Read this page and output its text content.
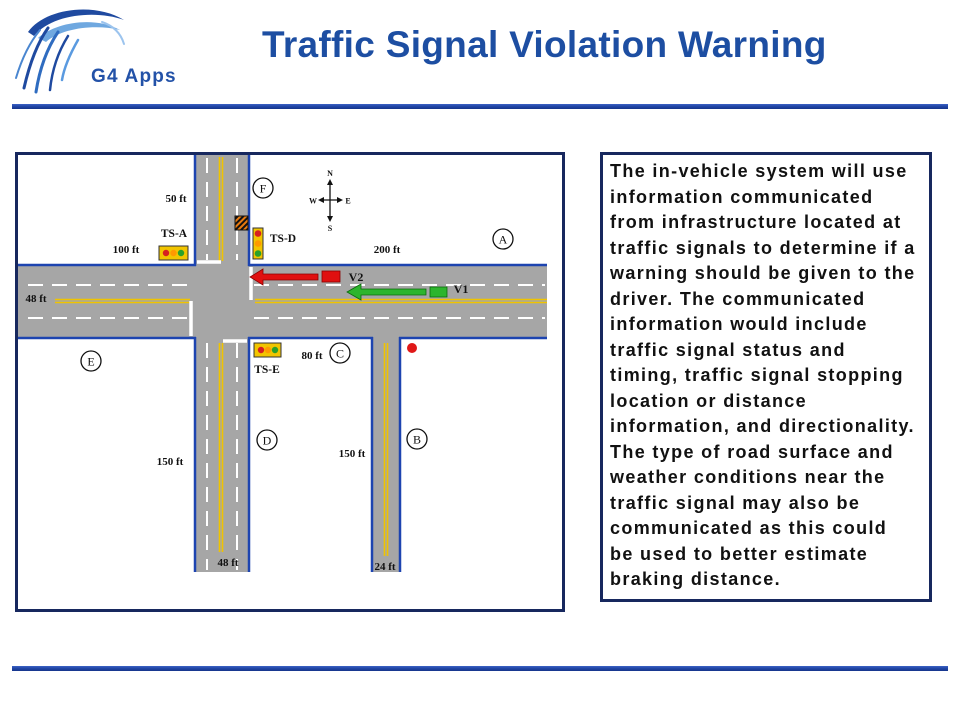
G4 Apps
Traffic Signal Violation Warning
N
S
W	E
TS-A	TS-D
TS-E
V2
V1
50 ft
100 ft	200 ft
48 ft
80 ft
150 ft
150 ft
48 ft	24 ft
F
A
C
E
D	B
The in-vehicle system will use
information communicated
from infrastructure located at
traffic signals to determine if a
warning should be given to the
driver. The communicated
information would include
traffic signal status and
timing, traffic signal stopping
location or distance
information, and directionality.
The type of road surface and
weather conditions near the
traffic signal may also be
communicated as this could
be used to better estimate
braking distance.
